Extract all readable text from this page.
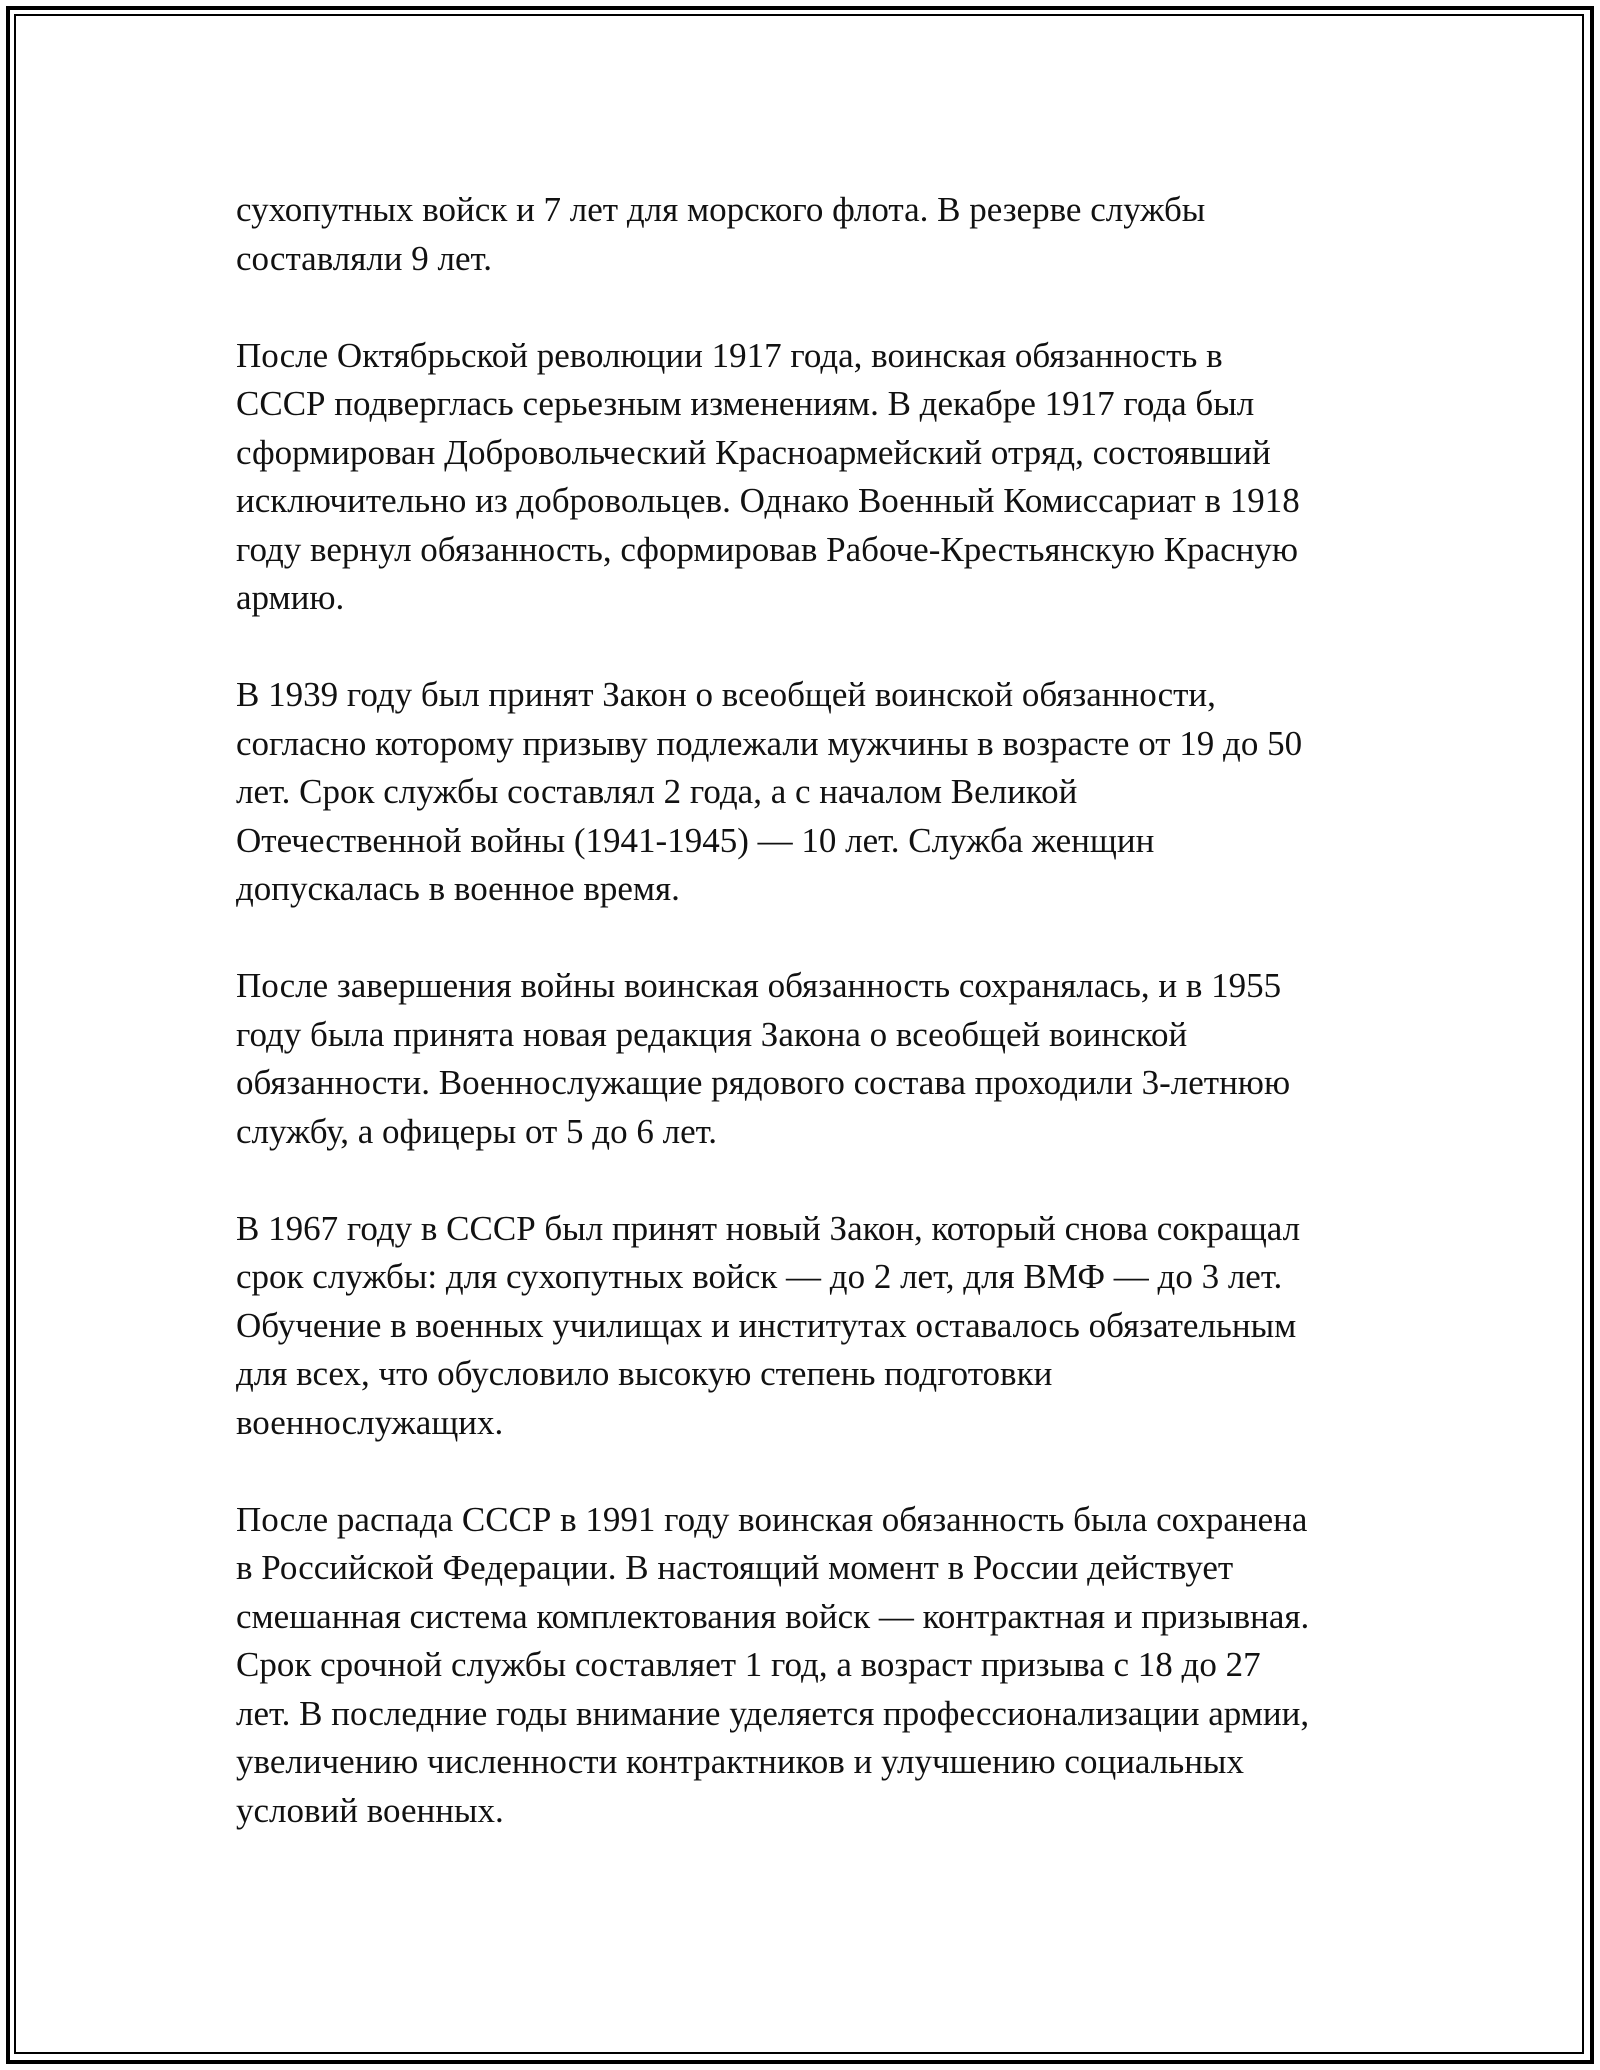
сухопутных войск и 7 лет для морского флота. В резерве службы
составляли 9 лет.

После Октябрьской революции 1917 года, воинская обязанность в
СССР подверглась серьезным изменениям. В декабре 1917 года был
сформирован Добровольческий Красноармейский отряд, состоявший
исключительно из добровольцев. Однако Военный Комиссариат в 1918
году вернул обязанность, сформировав Рабоче-Крестьянскую Красную
армию.

В 1939 году был принят Закон о всеобщей воинской обязанности,
согласно которому призыву подлежали мужчины в возрасте от 19 до 50
лет. Срок службы составлял 2 года, а с началом Великой
Отечественной войны (1941-1945) — 10 лет. Служба женщин
допускалась в военное время.

После завершения войны воинская обязанность сохранялась, и в 1955
году была принята новая редакция Закона о всеобщей воинской
обязанности. Военнослужащие рядового состава проходили 3-летнюю
службу, а офицеры от 5 до 6 лет.

В 1967 году в СССР был принят новый Закон, который снова сокращал
срок службы: для сухопутных войск — до 2 лет, для ВМФ — до 3 лет.
Обучение в военных училищах и институтах оставалось обязательным
для всех, что обусловило высокую степень подготовки
военнослужащих.

После распада СССР в 1991 году воинская обязанность была сохранена
в Российской Федерации. В настоящий момент в России действует
смешанная система комплектования войск — контрактная и призывная.
Срок срочной службы составляет 1 год, а возраст призыва с 18 до 27
лет. В последние годы внимание уделяется профессионализации армии,
увеличению численности контрактников и улучшению социальных
условий военных.
